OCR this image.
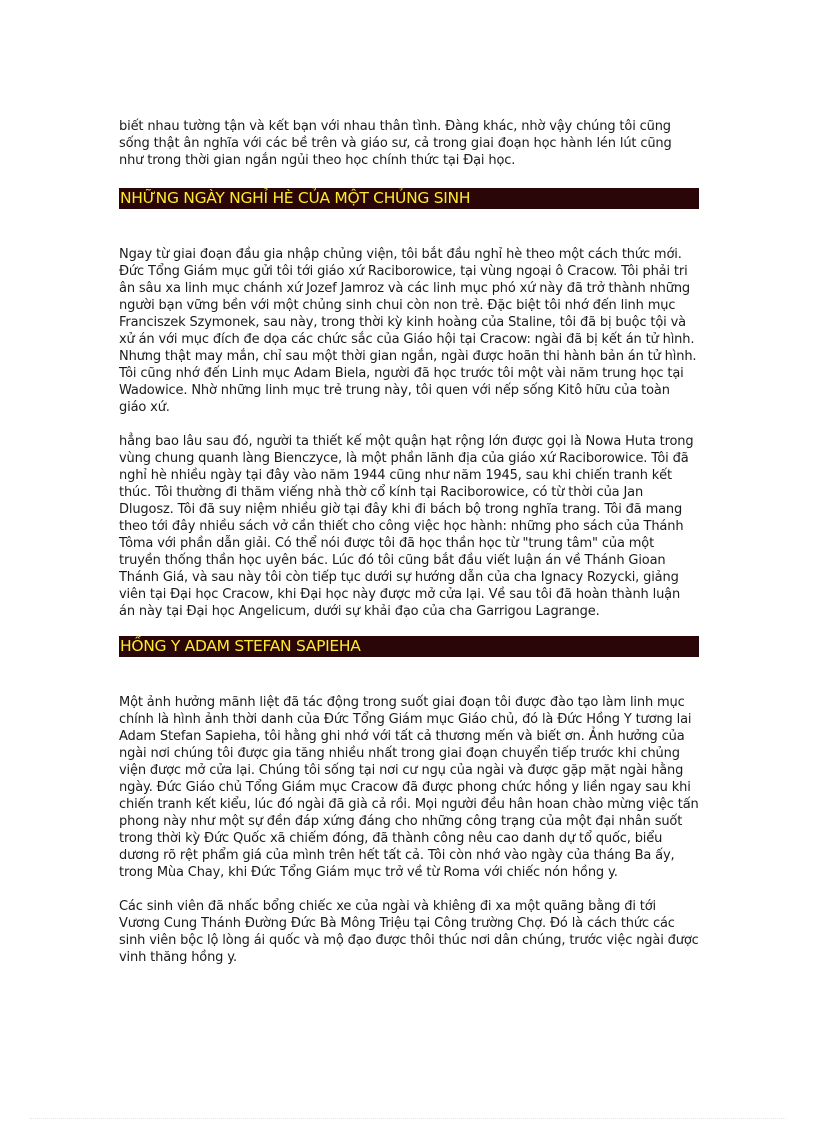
biết nhau tường tận và kết bạn với nhau thân tình. Đàng khác, nhờ vậy chúng tôi cũng sống thật ân nghĩa với các bề trên và giáo sư, cả trong giai đoạn học hành lén lút cũng như trong thời gian ngắn ngủi theo học chính thức tại Đại học.

NHỮNG NGÀY NGHỈ HÈ CỦA MỘT CHỦNG SINH

Ngay từ giai đoạn đầu gia nhập chủng viện, tôi bắt đầu nghỉ hè theo một cách thức mới. Đức Tổng Giám mục gửi tôi tới giáo xứ Raciborowice, tại vùng ngoại ô Cracow. Tôi phải tri ân sâu xa linh mục chánh xứ Jozef Jamroz và các linh mục phó xứ này đã trở thành những người bạn vững bền với một chủng sinh chui còn non trẻ. Đặc biệt tôi nhớ đến linh mục Franciszek Szymonek, sau này, trong thời kỳ kinh hoàng của Staline, tôi đã bị buộc tội và xử án với mục đích đe dọa các chức sắc của Giáo hội tại Cracow: ngài đã bị kết án tử hình. Nhưng thật may mắn, chỉ sau một thời gian ngắn, ngài được hoãn thi hành bản án tử hình. Tôi cũng nhớ đến Linh mục Adam Biela, người đã học trước tôi một vài năm trung học tại Wadowice. Nhờ những linh mục trẻ trung này, tôi quen với nếp sống Kitô hữu của toàn giáo xứ.

hẳng bao lâu sau đó, người ta thiết kế một quận hạt rộng lớn được gọi là Nowa Huta trong vùng chung quanh làng Bienczyce, là một phần lãnh địa của giáo xứ Raciborowice. Tôi đã nghỉ hè nhiều ngày tại đây vào năm 1944 cũng như năm 1945, sau khi chiến tranh kết thúc. Tôi thường đi thăm viếng nhà thờ cổ kính tại Raciborowice, có từ thời của Jan Dlugosz. Tôi đã suy niệm nhiều giờ tại đây khi đi bách bộ trong nghĩa trang. Tôi đã mang theo tới đây nhiều sách vở cần thiết cho công việc học hành: những pho sách của Thánh Tôma với phần dẫn giải. Có thể nói được tôi đã học thần học từ "trung tâm" của một truyền thống thần học uyên bác. Lúc đó tôi cũng bắt đầu viết luận án về Thánh Gioan Thánh Giá, và sau này tôi còn tiếp tục dưới sự hướng dẫn của cha Ignacy Rozycki, giảng viên tại Đại học Cracow, khi Đại học này được mở cửa lại. Về sau tôi đã hoàn thành luận án này tại Đại học Angelicum, dưới sự khải đạo của cha Garrigou Lagrange.

HỒNG Y ADAM STEFAN SAPIEHA

Một ảnh hưởng mãnh liệt đã tác động trong suốt giai đoạn tôi được đào tạo làm linh mục chính là hình ảnh thời danh của Đức Tổng Giám mục Giáo chủ, đó là Đức Hồng Y tương lai Adam Stefan Sapieha, tôi hằng ghi nhớ với tất cả thương mến và biết ơn. Ảnh hưởng của ngài nơi chúng tôi được gia tăng nhiều nhất trong giai đoạn chuyển tiếp trước khi chủng viện được mở cửa lại. Chúng tôi sống tại nơi cư ngụ của ngài và được gặp mặt ngài hằng ngày. Đức Giáo chủ Tổng Giám mục Cracow đã được phong chức hồng y liền ngay sau khi chiến tranh kết kiểu, lúc đó ngài đã già cả rồi. Mọi người đều hân hoan chào mừng việc tấn phong này như một sự đền đáp xứng đáng cho những công trạng của một đại nhân suốt trong thời kỳ Đức Quốc xã chiếm đóng, đã thành công nêu cao danh dự tổ quốc, biểu dương rõ rệt phẩm giá của mình trên hết tất cả. Tôi còn nhớ vào ngày của tháng Ba ấy, trong Mùa Chay, khi Đức Tổng Giám mục trở về từ Roma với chiếc nón hồng y.

Các sinh viên đã nhấc bổng chiếc xe của ngài và khiêng đi xa một quãng bằng đi tới Vương Cung Thánh Đường Đức Bà Mông Triệu tại Công trường Chợ. Đó là cách thức các sinh viên bộc lộ lòng ái quốc và mộ đạo được thôi thúc nơi dân chúng, trước việc ngài được vinh thăng hồng y.
